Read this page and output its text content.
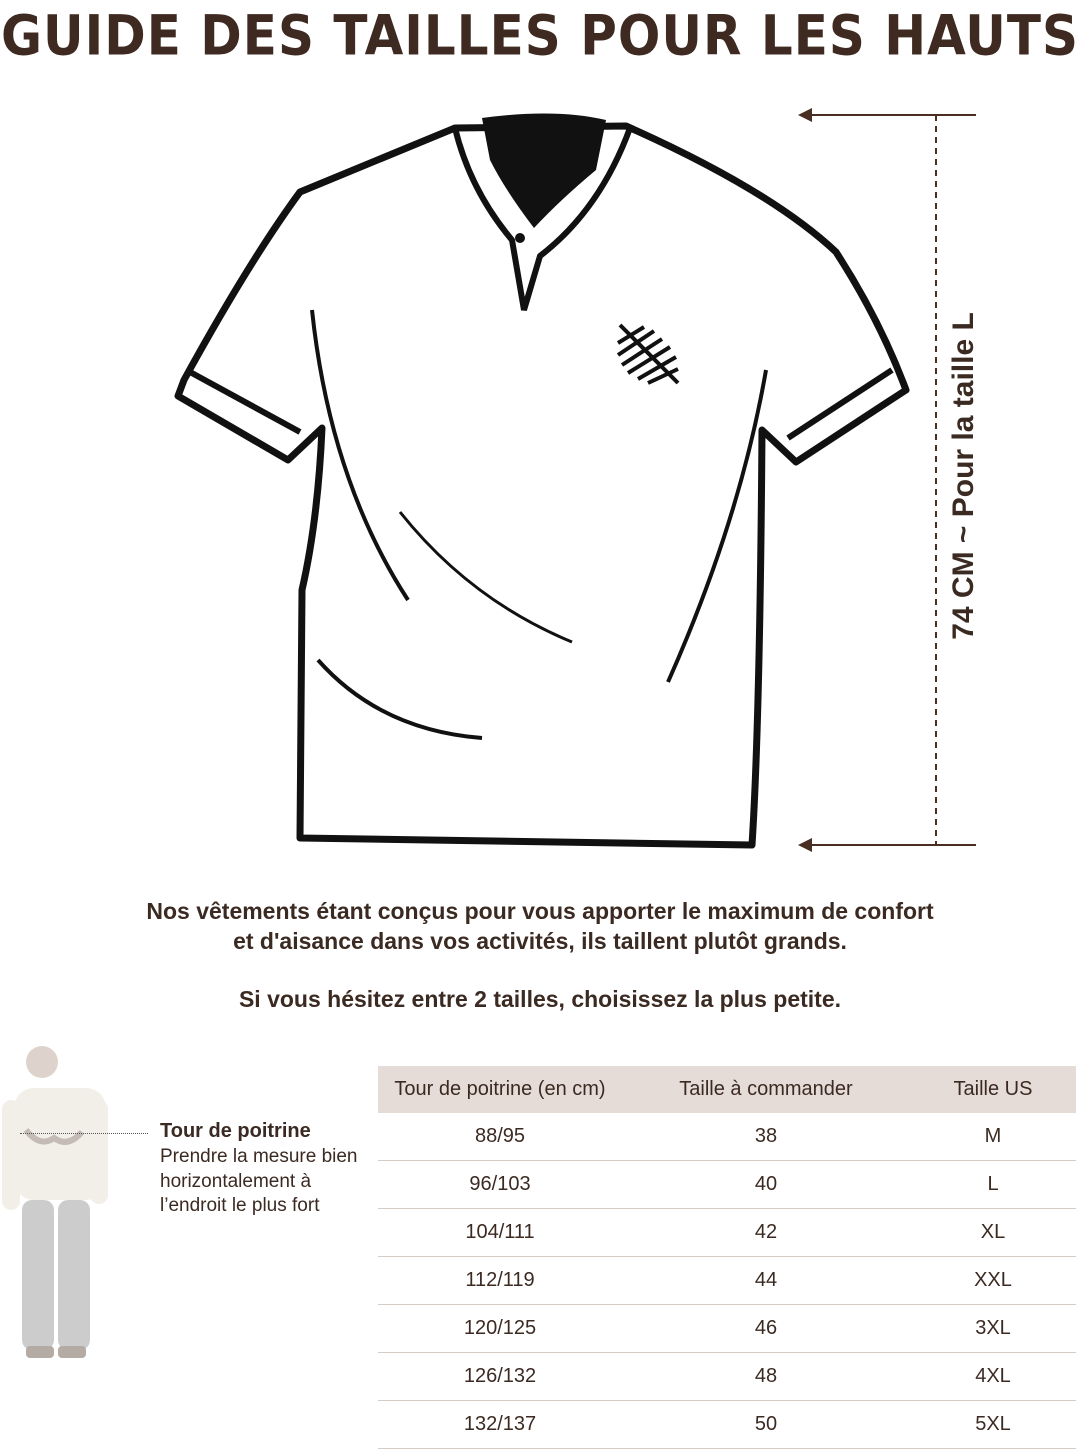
GUIDE DES TAILLES POUR LES HAUTS
74 CM ~ Pour la taille L
Nos vêtements étant conçus pour vous apporter le maximum de confort
et d'aisance dans vos activités, ils taillent plutôt grands.
Si vous hésitez entre 2 tailles, choisissez la plus petite.
Tour de poitrine
Prendre la mesure bien horizontalement à l’endroit le plus fort
Tour de poitrine (en cm)	Taille à commander	Taille US
88/95	38	M
96/103	40	L
104/111	42	XL
112/119	44	XXL
120/125	46	3XL
126/132	48	4XL
132/137	50	5XL
